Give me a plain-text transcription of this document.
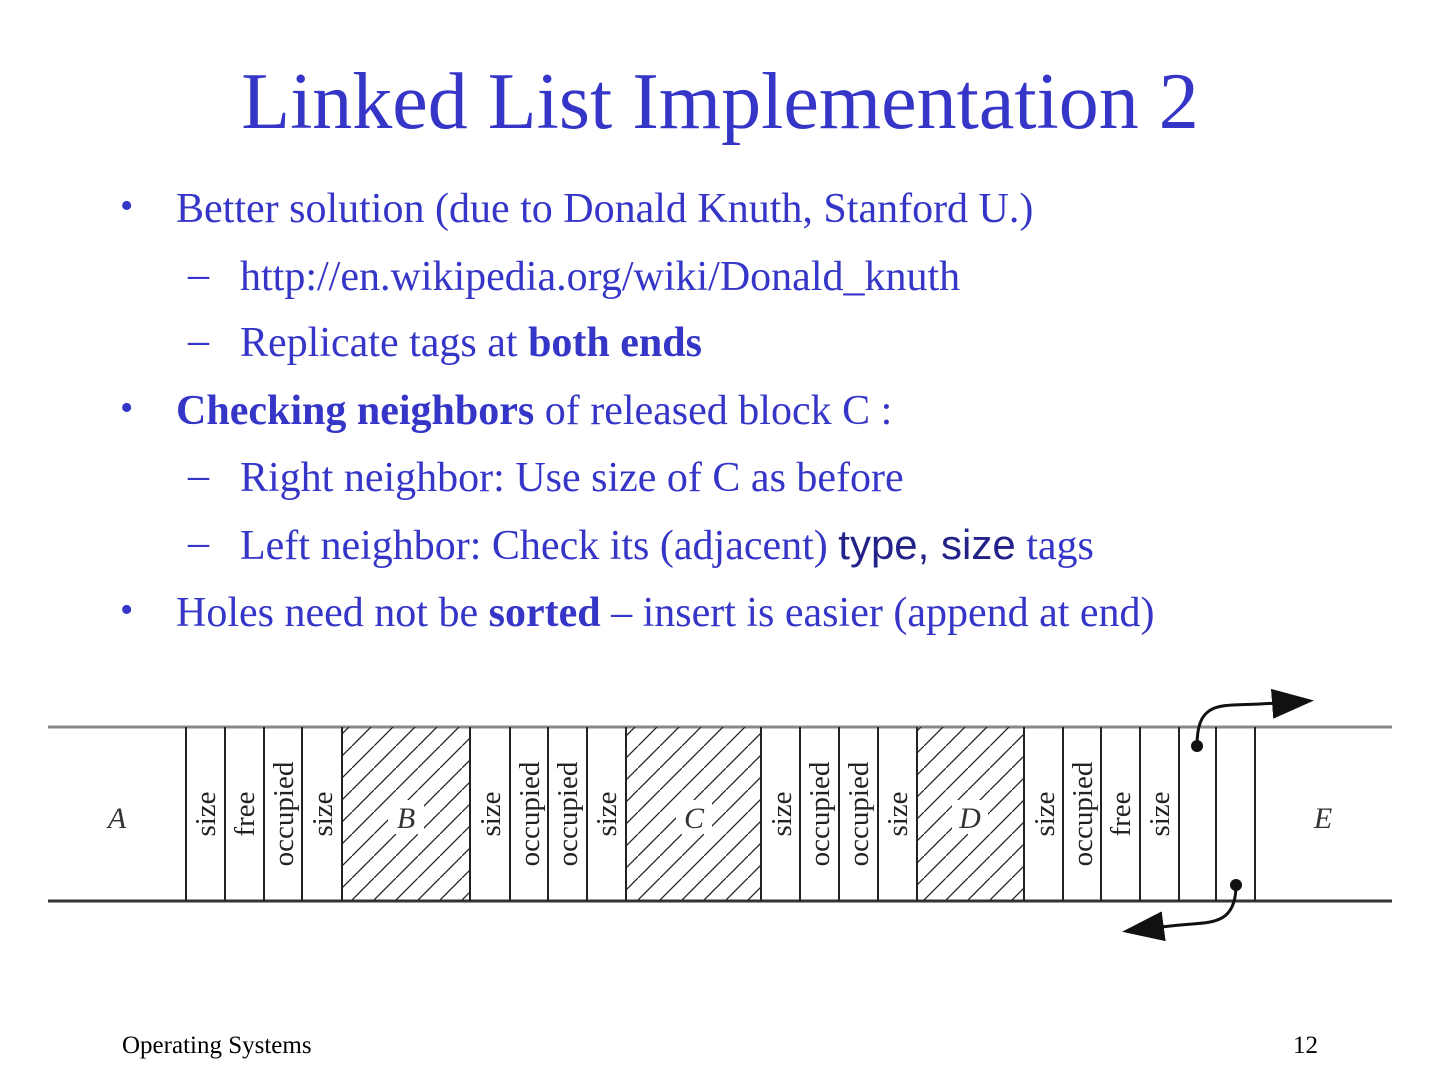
Linked List Implementation 2
• Better solution (due to Donald Knuth, Stanford U.)
– http://en.wikipedia.org/wiki/Donald_knuth
– Replicate tags at both ends
• Checking neighbors of released block C :
– Right neighbor: Use size of C as before
– Left neighbor: Check its (adjacent) type, size tags
• Holes need not be sorted – insert is easier (append at end)
A	B	C	D	E
size free occupied size	size occupied occupied size	size occupied occupied size	size occupied free size
Operating Systems	12
